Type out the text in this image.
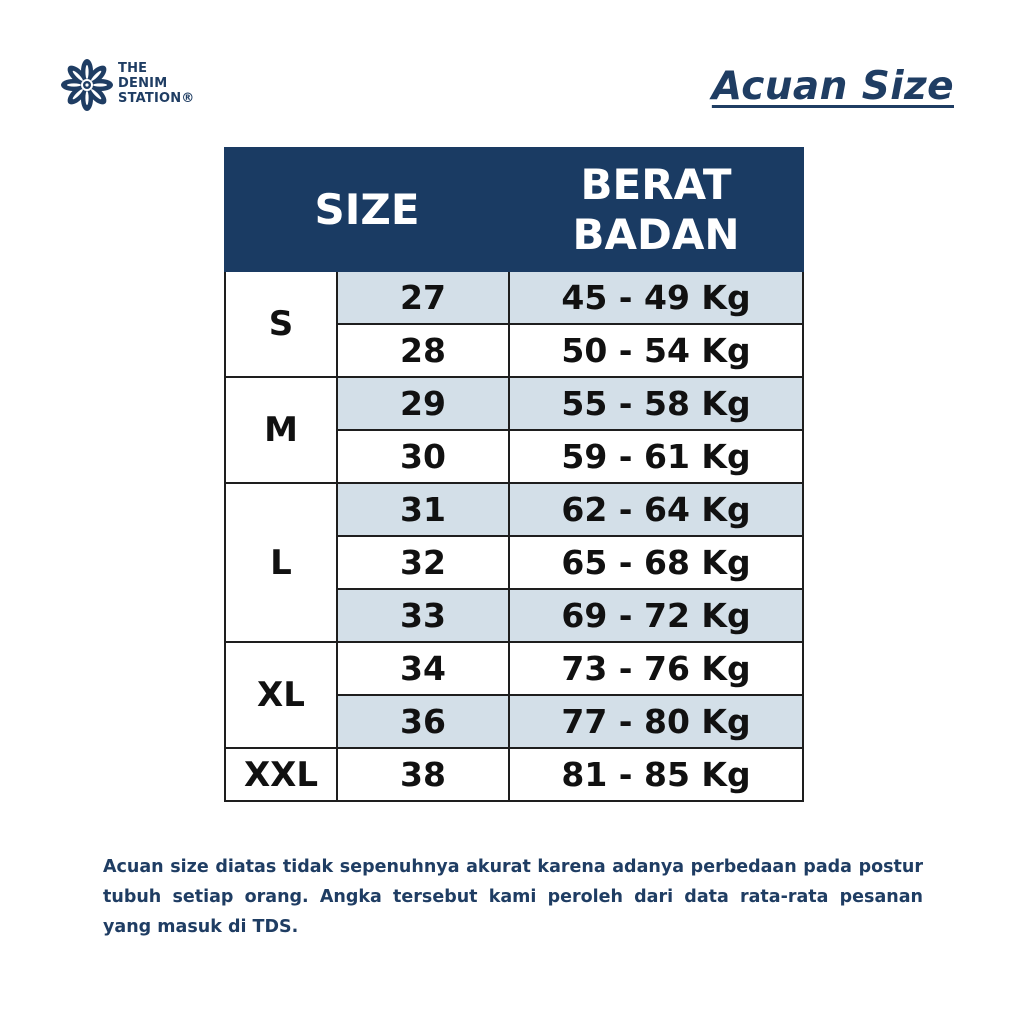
THE
DENIM
STATION®	Acuan Size
SIZE		BERAT
BADAN

S	27	45 - 49 Kg
	28	50 - 54 Kg
M	29	55 - 58 Kg
	30	59 - 61 Kg
L	31	62 - 64 Kg
	32	65 - 68 Kg
	33	69 - 72 Kg
XL	34	73 - 76 Kg
	36	77 - 80 Kg
XXL	38	81 - 85 Kg
Acuan size diatas tidak sepenuhnya akurat karena adanya perbedaan pada postur tubuh setiap orang. Angka tersebut kami peroleh dari data rata-rata pesanan yang masuk di TDS.
